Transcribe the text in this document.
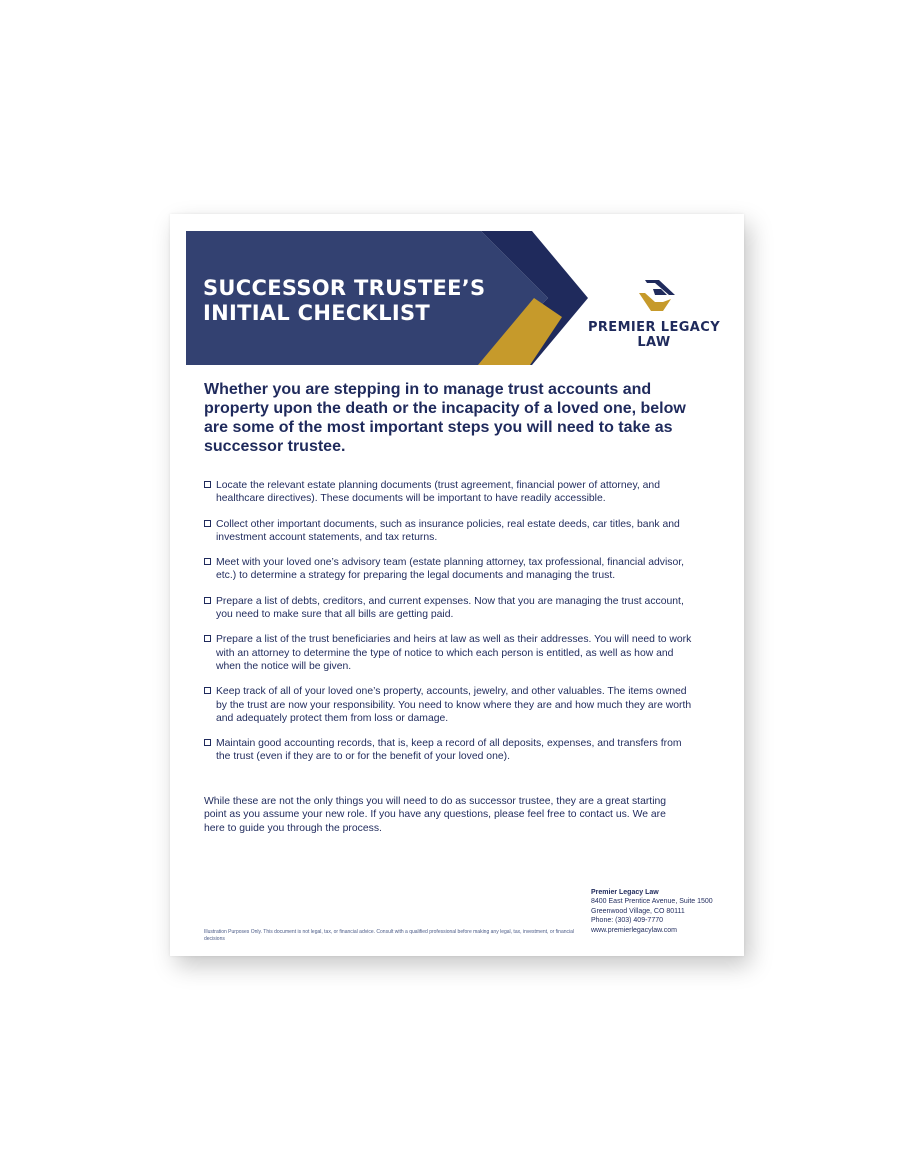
SUCCESSOR TRUSTEE’S
INITIAL CHECKLIST
PREMIER LEGACY
LAW

Whether you are stepping in to manage trust accounts and property upon the death or the incapacity of a loved one, below are some of the most important steps you will need to take as successor trustee.

Locate the relevant estate planning documents (trust agreement, financial power of attorney, and healthcare directives). These documents will be important to have readily accessible.
Collect other important documents, such as insurance policies, real estate deeds, car titles, bank and investment account statements, and tax returns.
Meet with your loved one’s advisory team (estate planning attorney, tax professional, financial advisor, etc.) to determine a strategy for preparing the legal documents and managing the trust.
Prepare a list of debts, creditors, and current expenses. Now that you are managing the trust account, you need to make sure that all bills are getting paid.
Prepare a list of the trust beneficiaries and heirs at law as well as their addresses. You will need to work with an attorney to determine the type of notice to which each person is entitled, as well as how and when the notice will be given.
Keep track of all of your loved one’s property, accounts, jewelry, and other valuables. The items owned by the trust are now your responsibility. You need to know where they are and how much they are worth and adequately protect them from loss or damage.
Maintain good accounting records, that is, keep a record of all deposits, expenses, and transfers from the trust (even if they are to or for the benefit of your loved one).

While these are not the only things you will need to do as successor trustee, they are a great starting point as you assume your new role. If you have any questions, please feel free to contact us. We are here to guide you through the process.

Illustration Purposes Only. This document is not legal, tax, or financial advice. Consult with a qualified professional before making any legal, tax, investment, or financial decisions

Premier Legacy Law
8400 East Prentice Avenue, Suite 1500
Greenwood Village, CO 80111
Phone: (303) 409-7770
www.premierlegacylaw.com
